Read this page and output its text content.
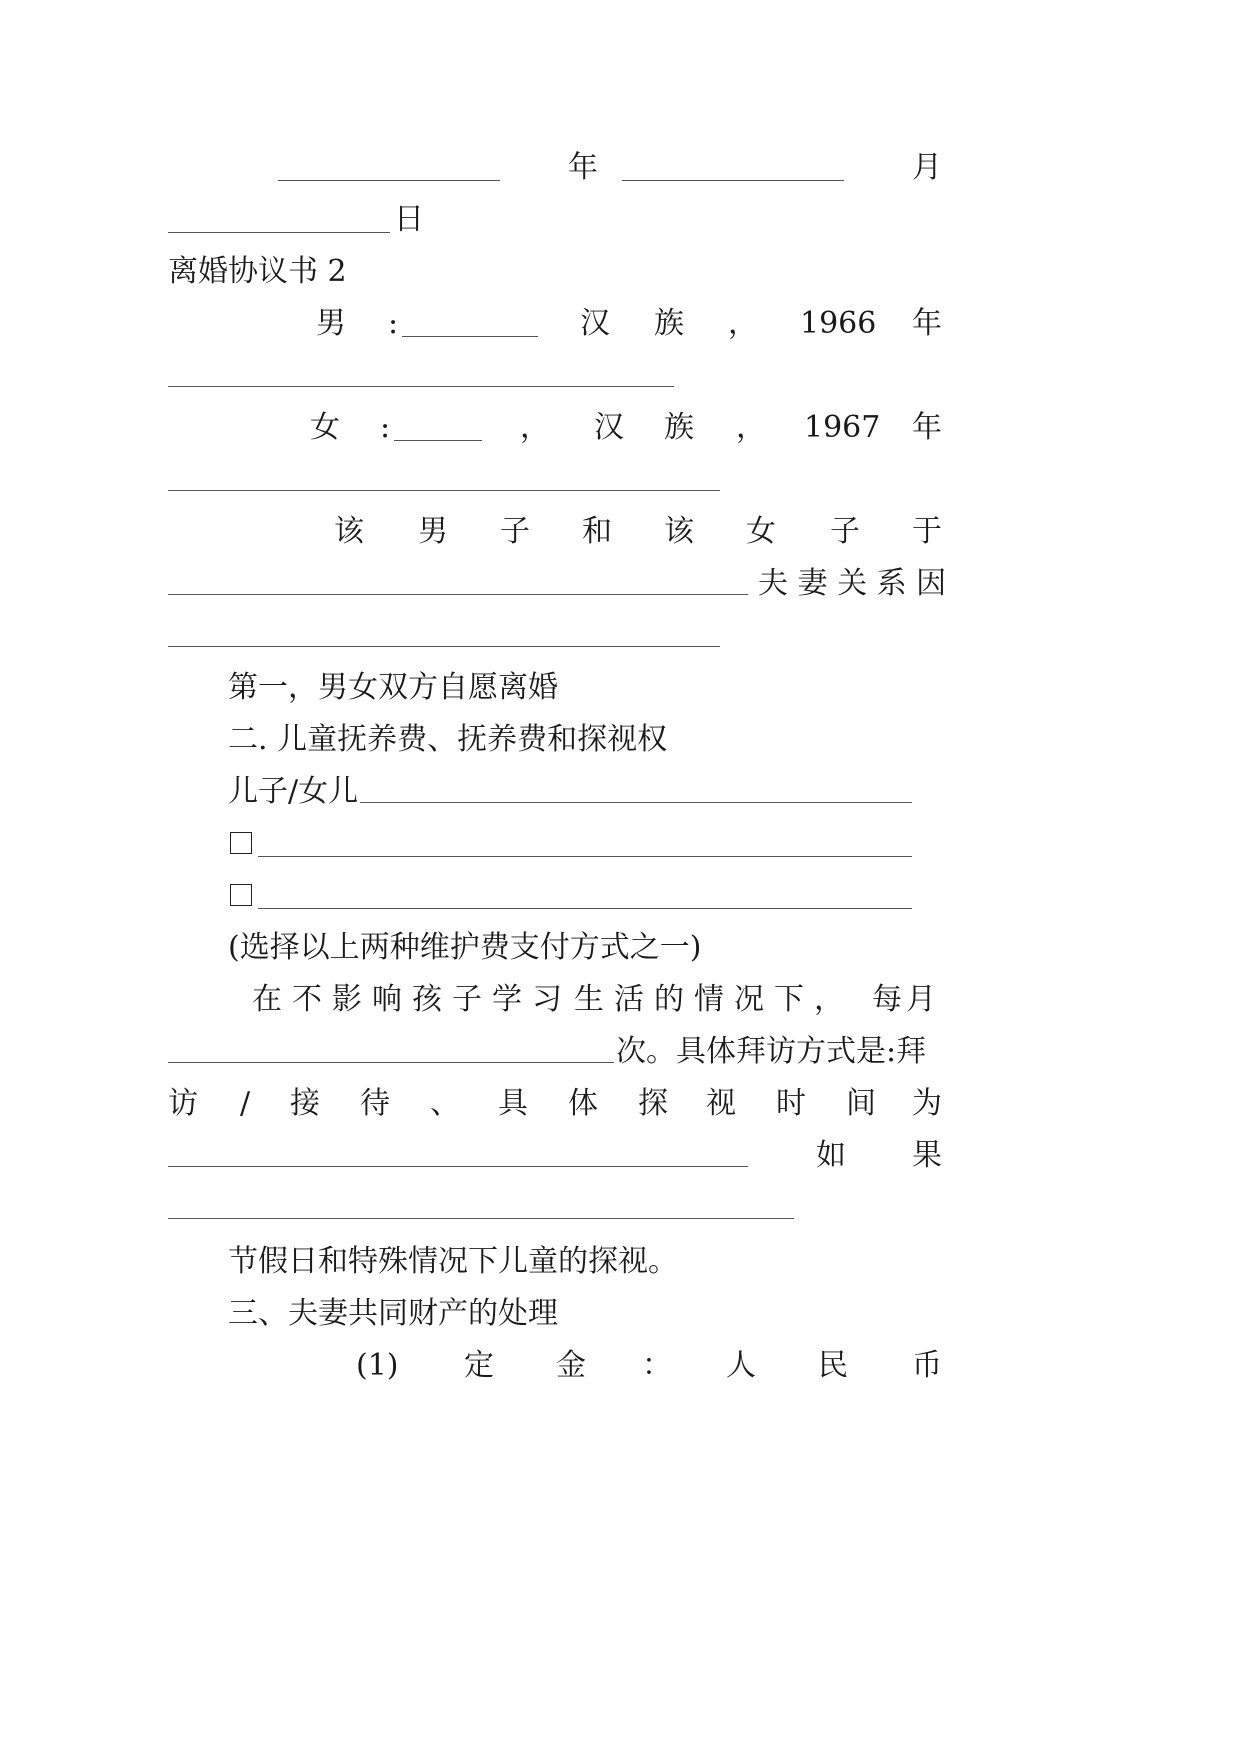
年	月
日
离婚协议书 2
男 :	汉 族 ， 1966 年
女 :	， 汉 族 ， 1967 年
该 男 子 和 该 女 子 于
夫 妻 关 系 因
第一，男女双方自愿离婚
二. 儿童抚养费、抚养费和探视权
儿子/女儿
(选择以上两种维护费支付方式之一)
在 不 影 响 孩 子 学 习 生 活 的 情 况 下 ， 每 月
次。具体拜访方式是:拜
访 / 接 待 、 具 体 探 视 时 间 为
如 果
节假日和特殊情况下儿童的探视。
三、夫妻共同财产的处理
(1) 定 金 ： 人 民 币
